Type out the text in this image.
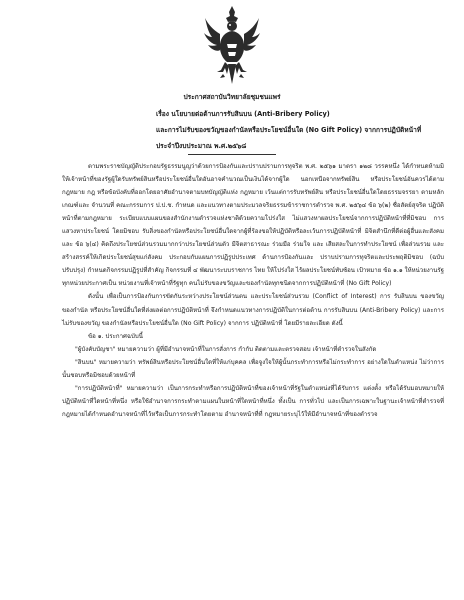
ประกาศสถาบันวิทยาลัยชุมชนแพร่
เรื่อง นโยบายต่อต้านการรับสินบน (Anti-Bribery Policy)
และการไม่รับของขวัญของกำนัลหรือประโยชน์อื่นใด (No Gift Policy) จากการปฏิบัติหน้าที่
ประจำปีงบประมาณ พ.ศ.๒๕๖๘

ตามพระราชบัญญัติประกอบรัฐธรรมนูญว่าด้วยการป้องกันและปราบปรามการทุจริต พ.ศ. ๒๕๖๑ มาตรา ๑๒๘ วรรคหนึ่ง ได้กำหนดห้ามมิให้เจ้าหน้าที่ของรัฐผู้ใดรับทรัพย์สินหรือประโยชน์อื่นใดอันอาจคำนวณเป็นเงินได้จากผู้ใด นอกเหนือจากทรัพย์สิน หรือประโยชน์อันควรได้ตามกฎหมาย กฎ หรือข้อบังคับที่ออกโดยอาศัยอำนาจตามบทบัญญัติแห่ง กฎหมาย เว้นแต่การรับทรัพย์สิน หรือประโยชน์อื่นใดโดยธรรมจรรยา ตามหลักเกณฑ์และ จำนวนที่ คณะกรรมการ ป.ป.ช. กำหนด และแนวทางตามประมวลจริยธรรมข้าราชการตำรวจ พ.ศ. ๒๕๖๔ ข้อ ๖(๒) ซื่อสัตย์สุจริต ปฏิบัติหน้าที่ตามกฎหมาย ระเบียบแบบแผนของสำนักงานตำรวจแห่งชาติด้วยความโปร่งใส ไม่แสวงหาผลประโยชน์จากการปฏิบัติหน้าที่ที่มิชอบ การแสวงหาประโยชน์ โดยมิชอบ รับสิ่งของกำนัลหรือประโยชน์อื่นใดจากผู้ที่ร้องขอให้ปฏิบัติหรือละเว้นการปฏิบัติหน้าที่ มิจิตสำนึกที่ดีต่อผู้อื่นและสังคม และ ข้อ ๖(๔) คิดถึงประโยชน์ส่วนรวมมากกว่าประโยชน์ส่วนตัว มีจิตสาธารณะ ร่วมมือ ร่วมใจ และ เสียสละในการทำประโยชน์ เพื่อส่วนรวม และสร้างสรรค์ให้เกิดประโยชน์สุขแก่สังคม ประกอบกับแผนการปฏิรูปประเทศ ด้านการป้องกันและ ปราบปรามการทุจริตและประพฤติมิชอบ (ฉบับปรับปรุง) กำหนดกิจกรรมปฏิรูปที่สำคัญ กิจกรรมที่ ๔ พัฒนาระบบราชการ ไทย ให้โปร่งใส ไร้ผลประโยชน์ทับซ้อน เป้าหมาย ข้อ ๑.๑ ให้หน่วยงานรัฐทุกหน่วยประกาศเป็น หน่วยงานที่เจ้าหน้าที่รัฐทุก คนไม่รับของขวัญและของกำนัลทุกชนิดจากการปฏิบัติหน้าที่ (No Gift Policy)

ดังนั้น เพื่อเป็นการป้องกันการขัดกันระหว่างประโยชน์ส่วนตน และประโยชน์ส่วนรวม (Conflict of Interest) การ รับสินบน ของขวัญ ของกำนัล หรือประโยชน์อื่นใดที่ส่งผลต่อการปฏิบัติหน้าที่ จึงกำหนดแนวทางการปฏิบัติในการต่อต้าน การรับสินบน (Anti-Bribery Policy) และการไม่รับของขวัญ ของกำนัลหรือประโยชน์อื่นใด (No Gift Policy) จากการ ปฏิบัติหน้าที่ โดยมีรายละเอียด ดังนี้

ข้อ ๑. ประกาศฉบับนี้

"ผู้บังคับบัญชา" หมายความว่า ผู้ที่มีอำนาจหน้าที่ในการสั่งการ กำกับ ติดตามและตรวจสอบ เจ้าหน้าที่ตำรวจในสังกัด

"สินบน" หมายความว่า ทรัพย์สินหรือประโยชน์อื่นใดที่ให้แก่บุคคล เพื่อจูงใจให้ผู้นั้นกระทำการหรือไม่กระทำการ อย่างใดในตำแหน่ง ไม่ว่าการนั้นชอบหรือมิชอบด้วยหน้าที่

"การปฏิบัติหน้าที่" หมายความว่า เป็นการกระทำหรือการปฏิบัติหน้าที่ของเจ้าหน้าที่รัฐในตำแหน่งที่ได้รับการ แต่งตั้ง หรือได้รับมอบหมายให้ปฏิบัติหน้าที่ใดหน้าที่หนึ่ง หรือใช้อำนาจการกระทำตามแผนในหน้าที่ใดหน้าที่หนึ่ง ทั้งเป็น การทั่วไป และเป็นการเฉพาะในฐานะเจ้าหน้าที่ตำรวจที่กฎหมายได้กำหนดอำนาจหน้าที่ไว้หรือเป็นการกระทำโดยตาม อำนาจหน้าที่ที่ กฎหมายระบุไว้ให้มีอำนาจหน้าที่ของตำรวจ
